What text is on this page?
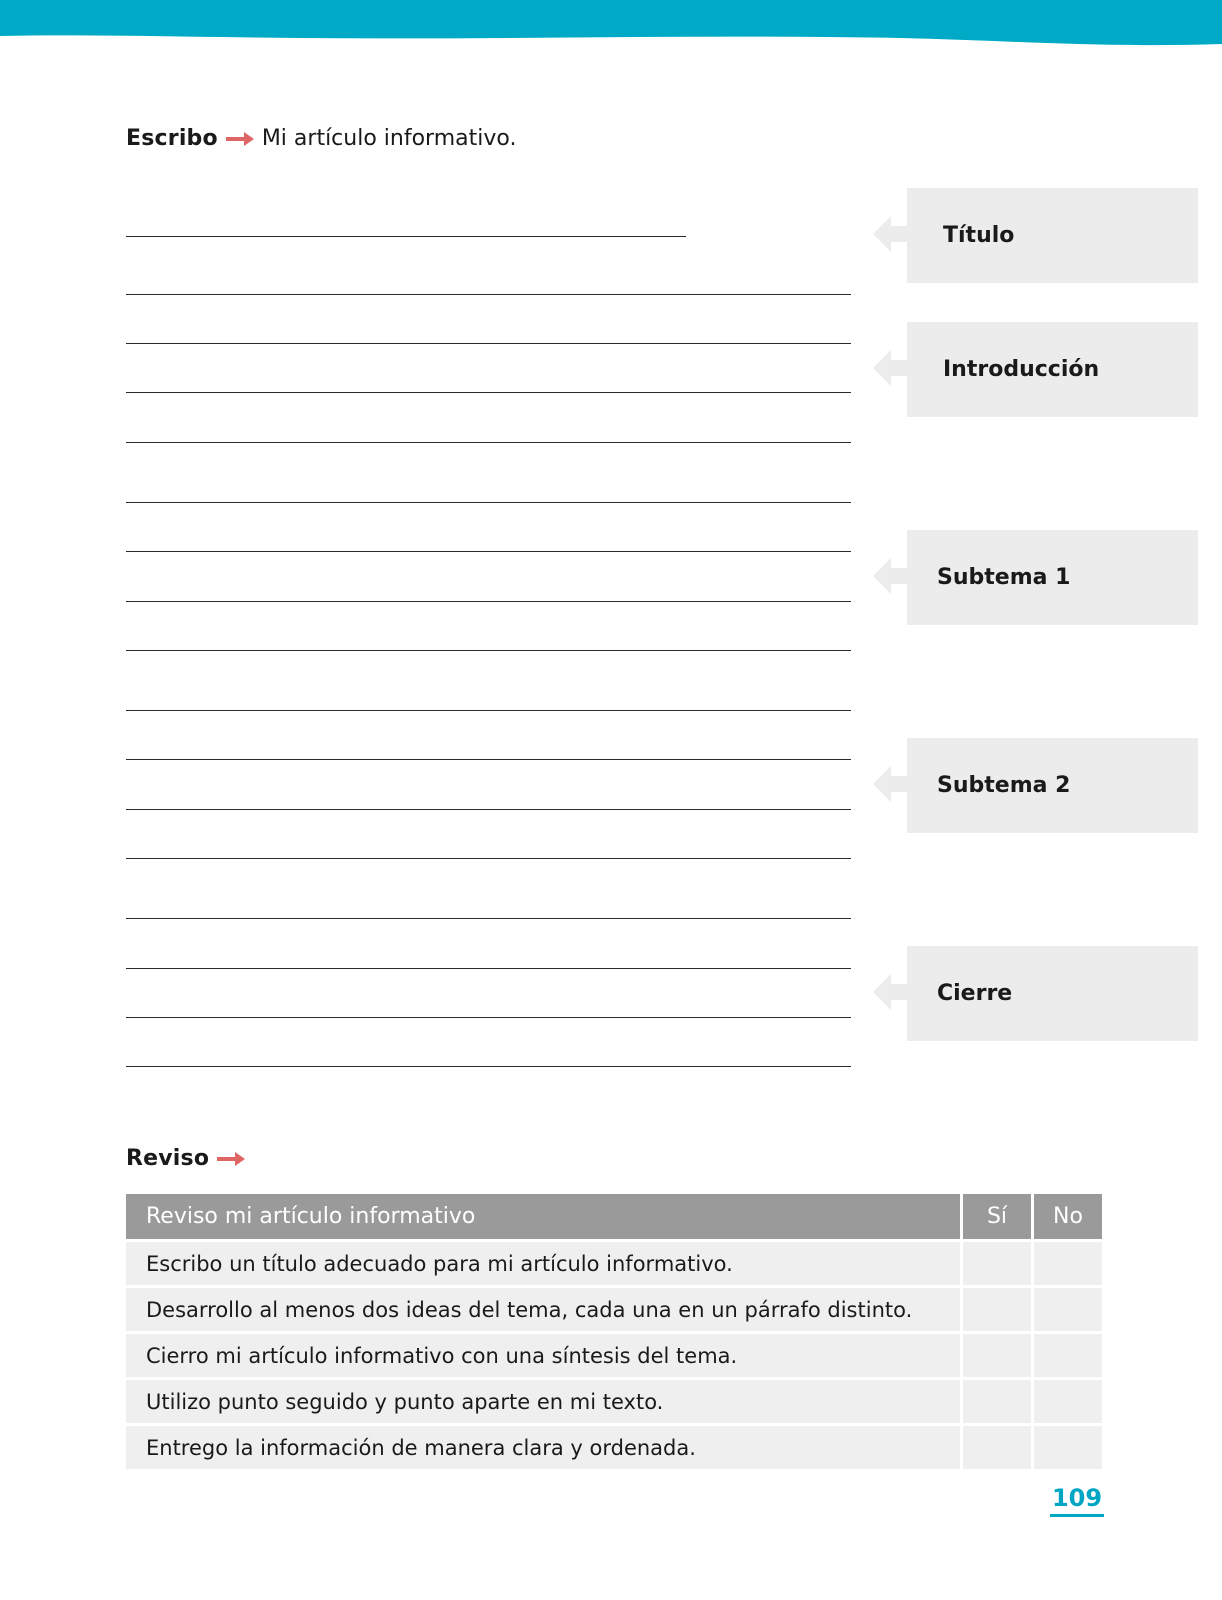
Escribo Mi artículo informativo.
Título
Introducción
Subtema 1
Subtema 2
Cierre
Reviso
Reviso mi artículo informativo	Sí	No
Escribo un título adecuado para mi artículo informativo.		
Desarrollo al menos dos ideas del tema, cada una en un párrafo distinto.		
Cierro mi artículo informativo con una síntesis del tema.		
Utilizo punto seguido y punto aparte en mi texto.		
Entrego la información de manera clara y ordenada.		
109
